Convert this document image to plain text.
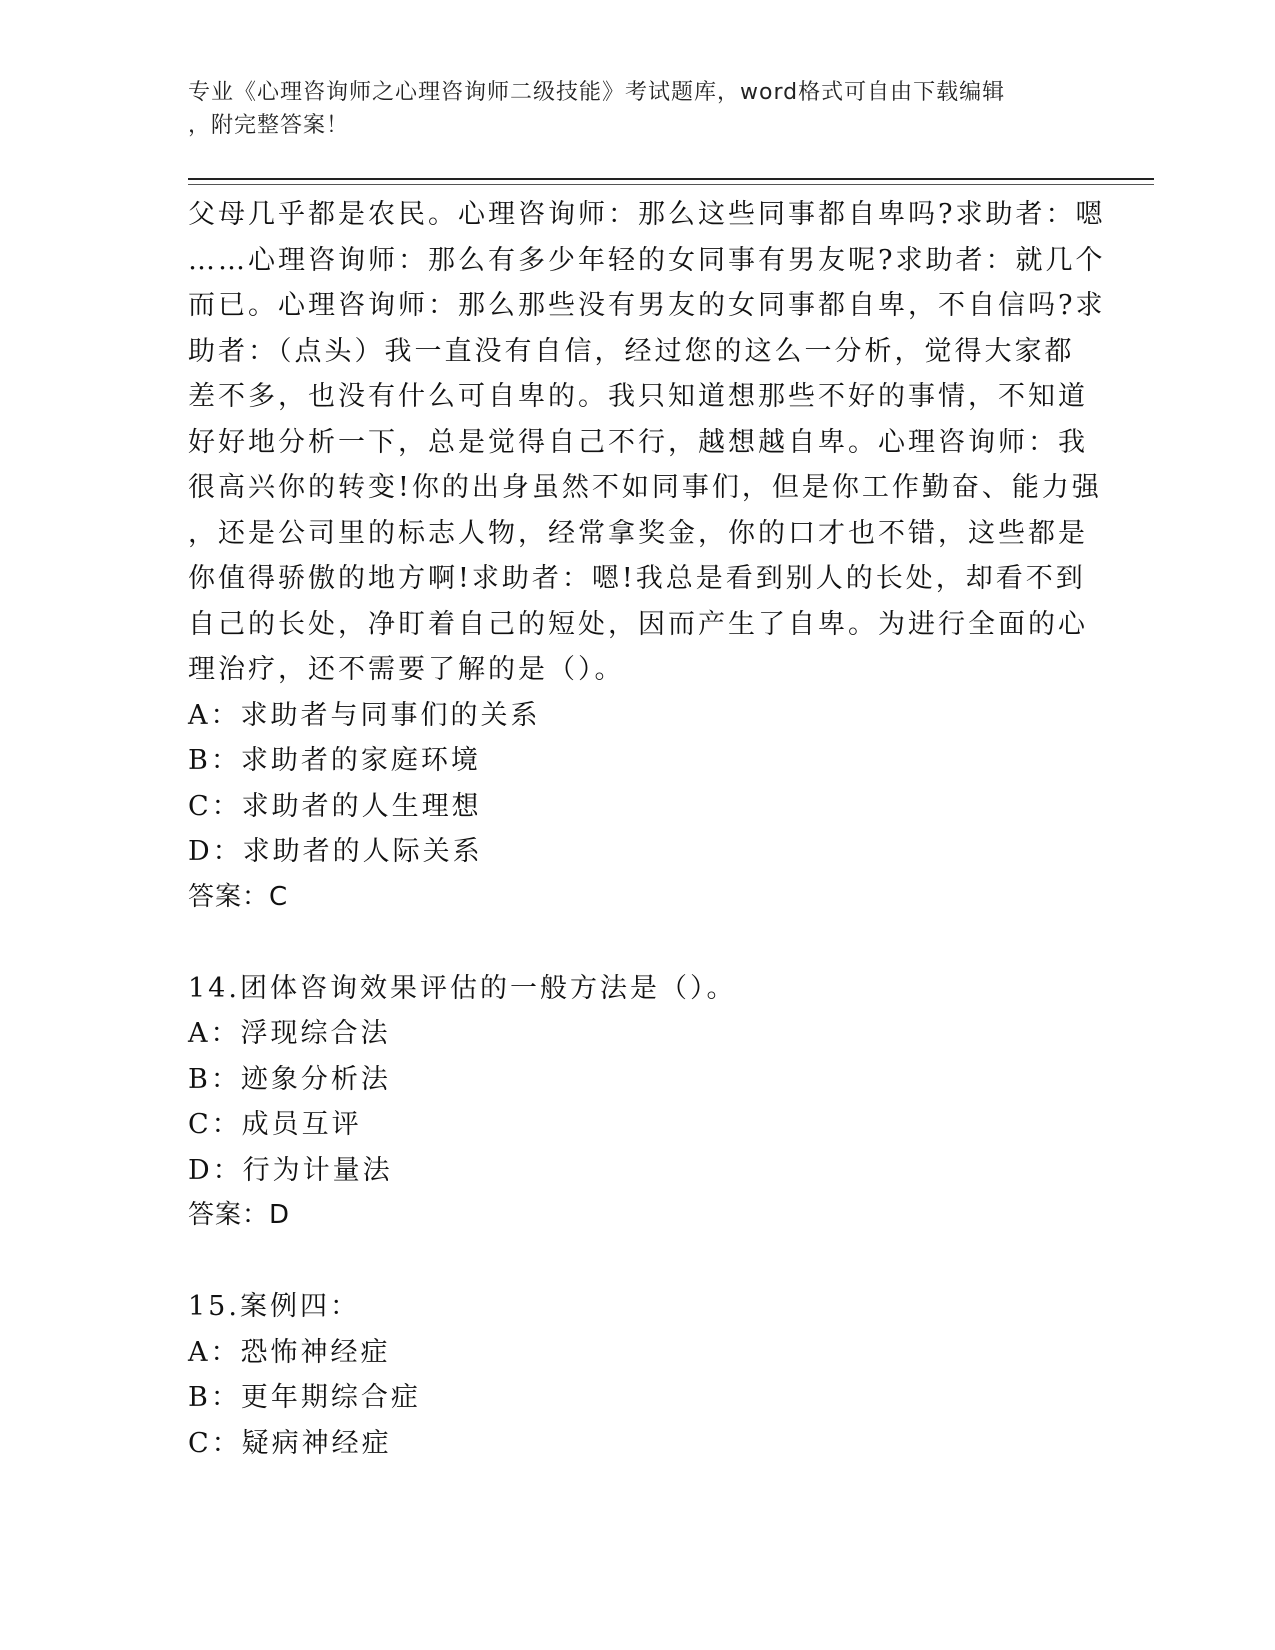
专业《心理咨询师之心理咨询师二级技能》考试题库，word格式可自由下载编辑
，附完整答案！
父母几乎都是农民。心理咨询师：那么这些同事都自卑吗?求助者：嗯
……心理咨询师：那么有多少年轻的女同事有男友呢?求助者：就几个
而已。心理咨询师：那么那些没有男友的女同事都自卑，不自信吗?求
助者：（点头）我一直没有自信，经过您的这么一分析，觉得大家都
差不多，也没有什么可自卑的。我只知道想那些不好的事情，不知道
好好地分析一下，总是觉得自己不行，越想越自卑。心理咨询师：我
很高兴你的转变!你的出身虽然不如同事们，但是你工作勤奋、能力强
，还是公司里的标志人物，经常拿奖金，你的口才也不错，这些都是
你值得骄傲的地方啊!求助者：嗯!我总是看到别人的长处，却看不到
自己的长处，净盯着自己的短处，因而产生了自卑。为进行全面的心
理治疗，还不需要了解的是（）。
A：求助者与同事们的关系
B：求助者的家庭环境
C：求助者的人生理想
D：求助者的人际关系
答案：C
14.团体咨询效果评估的一般方法是（）。
A：浮现综合法
B：迹象分析法
C：成员互评
D：行为计量法
答案：D
15.案例四：
A：恐怖神经症
B：更年期综合症
C：疑病神经症
